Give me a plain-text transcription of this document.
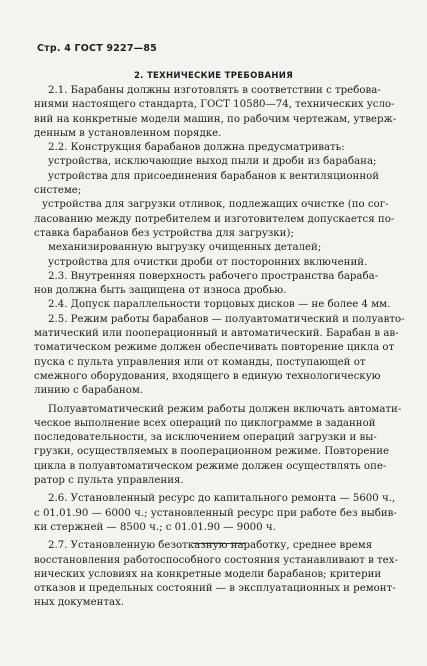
Стр. 4 ГОСТ 9227—85
2. ТЕХНИЧЕСКИЕ ТРЕБОВАНИЯ
2.1. Барабаны должны изготовлять в соответствии с требова-
ниями настоящего стандарта, ГОСТ 10580—74, технических усло-
вий на конкретные модели машин, по рабочим чертежам, утверж-
денным в установленном порядке.
2.2. Конструкция барабанов должна предусматривать:
устройства, исключающие выход пыли и дроби из барабана;
устройства для присоединения барабанов к вентиляционной
системе;
устройства для загрузки отливок, подлежащих очистке (по сог-
ласованию между потребителем и изготовителем допускается по-
ставка барабанов без устройства для загрузки);
механизированную выгрузку очищенных деталей;
устройства для очистки дроби от посторонних включений.
2.3. Внутренняя поверхность рабочего пространства бараба-
нов должна быть защищена от износа дробью.
2.4. Допуск параллельности торцовых дисков — не более 4 мм.
2.5. Режим работы барабанов — полуавтоматический и полуавто-
матический или пооперационный и автоматический. Барабан в ав-
томатическом режиме должен обеспечивать повторение цикла от
пуска с пульта управления или от команды, поступающей от
смежного оборудования, входящего в единую технологическую
линию с барабаном.
Полуавтоматический режим работы должен включать автомати-
ческое выполнение всех операций по циклограмме в заданной
последовательности, за исключением операций загрузки и вы-
грузки, осуществляемых в пооперационном режиме. Повторение
цикла в полуавтоматическом режиме должен осуществлять опе-
ратор с пульта управления.
2.6. Установленный ресурс до капитального ремонта — 5600 ч.,
с 01.01.90 — 6000 ч.; установленный ресурс при работе без выбив-
ки стержней — 8500 ч.; с 01.01.90 — 9000 ч.
2.7. Установленную безотказную наработку, среднее время
восстановления работоспособного состояния устанавливают в тех-
нических условиях на конкретные модели барабанов; критерии
отказов и предельных состояний — в эксплуатационных и ремонт-
ных документах.
